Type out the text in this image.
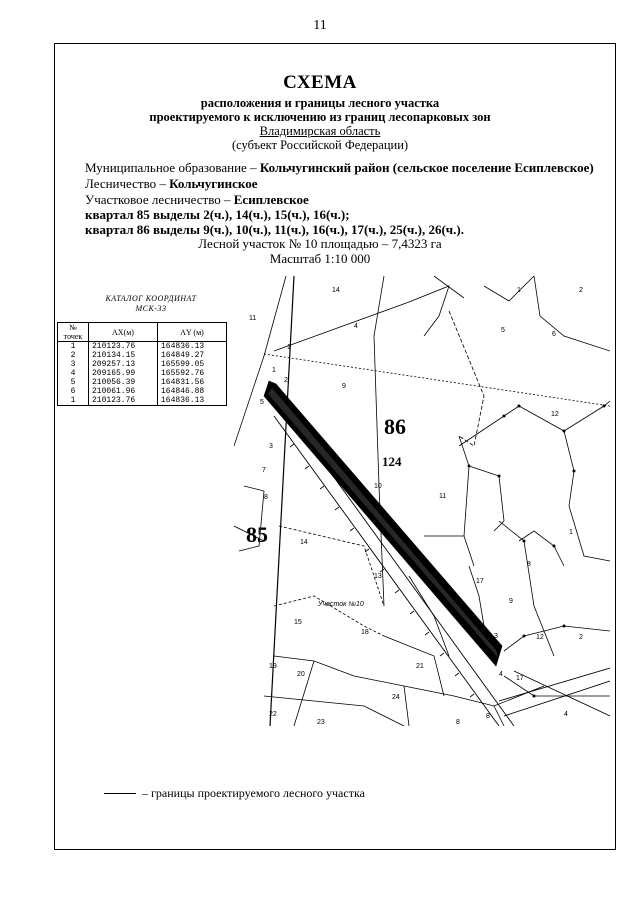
11
СХЕМА
расположения и границы лесного участка
проектируемого к исключению из границ лесопарковых зон
Владимирская область
(субъект Российской Федерации)
Муниципальное образование – Кольчугинский район (сельское поселение Есиплевское)
Лесничество – Кольчугинское
Участковое лесничество – Есиплевское
квартал 85 выделы 2(ч.), 14(ч.), 15(ч.), 16(ч.);
квартал 86 выделы 9(ч.), 10(ч.), 11(ч.), 16(ч.), 17(ч.), 25(ч.), 26(ч.).
Лесной участок № 10 площадью – 7,4323 га
Масштаб 1:10 000
КАТАЛОГ КООРДИНАТ
МСК-33
№
точек	АX(м)	АY (м)
1	210123.76	164836.13
2	210134.15	164849.27
3	209257.13	165599.05
4	209165.99	165592.76
5	210056.39	164831.56
6	210061.96	164846.88
1	210123.76	164836.13
14	1	2
11
4
5
6
1
1
2
9
12
5
6
3
7
8
10
11
1
14
13
8
17
9
15
18
12	2
3
19
20
21
17
4
24
22
23	8
8	4
Участок №10
86
124
85
– границы проектируемого лесного участка
